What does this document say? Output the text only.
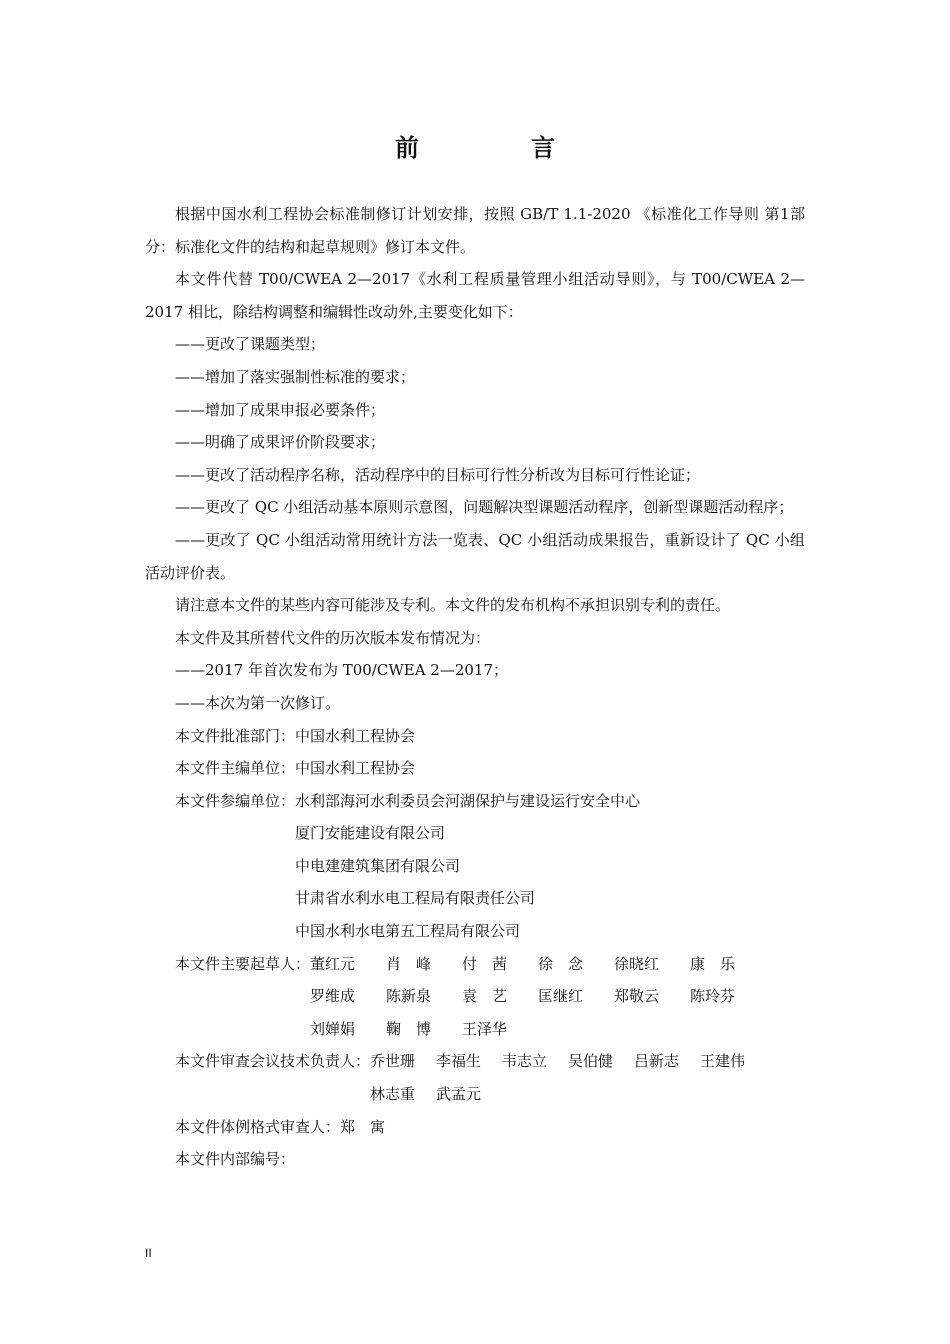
前　言

根据中国水利工程协会标准制修订计划安排，按照 GB/T 1.1-2020 《标准化工作导则 第1部分：标准化文件的结构和起草规则》修订本文件。

本文件代替 T00/CWEA 2—2017《水利工程质量管理小组活动导则》，与 T00/CWEA 2—2017 相比，除结构调整和编辑性改动外,主要变化如下：

——更改了课题类型；

——增加了落实强制性标准的要求；

——增加了成果申报必要条件；

——明确了成果评价阶段要求；

——更改了活动程序名称，活动程序中的目标可行性分析改为目标可行性论证；

——更改了 QC 小组活动基本原则示意图，问题解决型课题活动程序，创新型课题活动程序；

——更改了 QC 小组活动常用统计方法一览表、QC 小组活动成果报告，重新设计了 QC 小组活动评价表。

请注意本文件的某些内容可能涉及专利。本文件的发布机构不承担识别专利的责任。

本文件及其所替代文件的历次版本发布情况为：

——2017 年首次发布为 T00/CWEA 2—2017；

——本次为第一次修订。

本文件批准部门： 中国水利工程协会
本文件主编单位： 中国水利工程协会
本文件参编单位： 水利部海河水利委员会河湖保护与建设运行安全中心
厦门安能建设有限公司
中电建建筑集团有限公司
甘肃省水利水电工程局有限责任公司
中国水利水电第五工程局有限公司
本文件主要起草人： 董红元	肖　峰	付　茜	徐　念	徐晓红	康　乐
罗维成	陈新泉	袁　艺	匡继红	郑敬云	陈玲芬
刘婵娟	鞠　博	王泽华
本文件审查会议技术负责人： 乔世珊	李福生	韦志立	吴伯健	吕新志	王建伟
林志重	武孟元
本文件体例格式审查人： 郑　寓
本文件内部编号：
II
